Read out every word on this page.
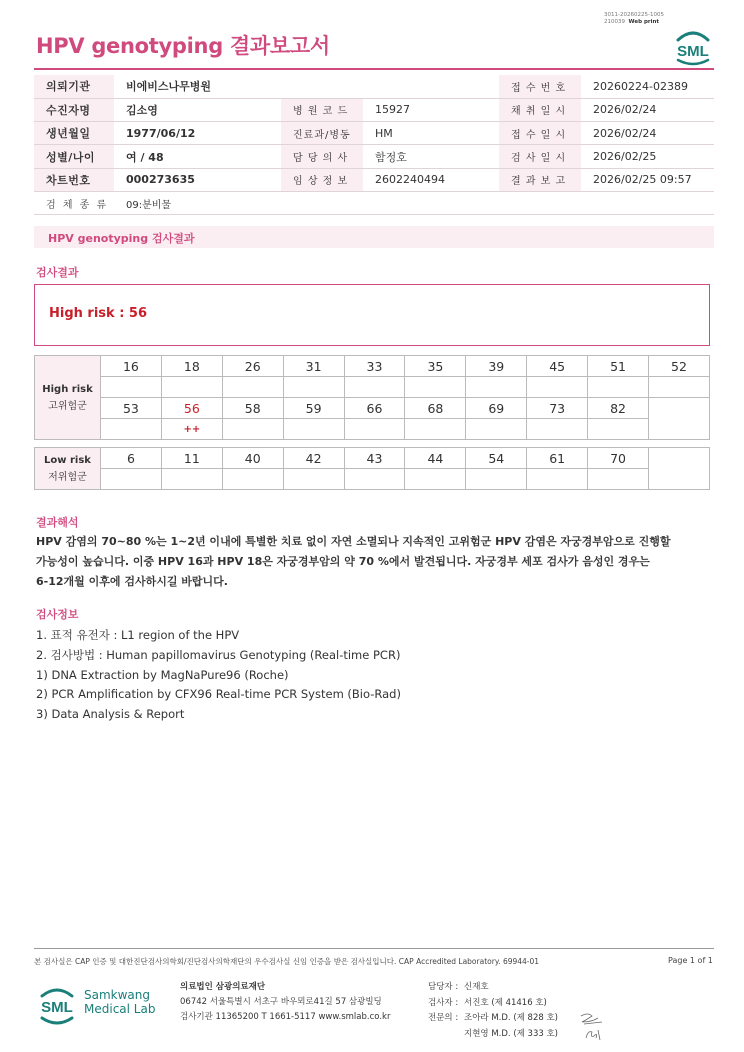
3011-20260225-1005
210039 Web print
HPV genotyping 결과보고서	SML
의뢰기관	비에비스나무병원			접 수 번 호	20260224-02389
수진자명	김소영	병 원 코 드	15927	채 취 일 시	2026/02/24
생년월일	1977/06/12	진료과/병동	HM	접 수 일 시	2026/02/24
성별/나이	여 / 48	담 당 의 사	함정호	검 사 일 시	2026/02/25
차트번호	000273635	임 상 정 보	2602240494	결 과 보 고	2026/02/25 09:57
검 체 종 류	09:분비물				
HPV genotyping 검사결과
검사결과
High risk : 56
High risk
고위험군	16	18	26	31	33	35	39	45	51	52

	53	56	58	59	66	68	69	73	82	
		++								
Low risk
저위험군	6	11	40	42	43	44	54	61	70	

결과해석
HPV 감염의 70~80 %는 1~2년 이내에 특별한 치료 없이 자연 소멸되나 지속적인 고위험군 HPV 감염은 자궁경부암으로 진행할
가능성이 높습니다. 이중 HPV 16과 HPV 18은 자궁경부암의 약 70 %에서 발견됩니다. 자궁경부 세포 검사가 음성인 경우는
6-12개월 이후에 검사하시길 바랍니다.
검사정보
1. 표적 유전자 : L1 region of the HPV
2. 검사방법 : Human papillomavirus Genotyping (Real-time PCR)
1) DNA Extraction by MagNaPure96 (Roche)
2) PCR Amplification by CFX96 Real-time PCR System (Bio-Rad)
3) Data Analysis & Report
본 검사실은 CAP 인증 및 대한진단검사의학회/진단검사의학재단의 우수검사실 신임 인증을 받은 검사실입니다. CAP Accredited Laboratory. 69944-01	Page 1 of 1
SML
Samkwang
Medical Lab
의료법인 삼광의료재단
06742 서울특별시 서초구 바우뫼로41길 57 삼광빌딩
검사기관 11365200 T 1661-5117 www.smlab.co.kr
담당자 : 신재호
검사자 : 서진호 (제 41416 호)
전문의 : 조아라 M.D. (제 828 호)
지현영 M.D. (제 333 호)
